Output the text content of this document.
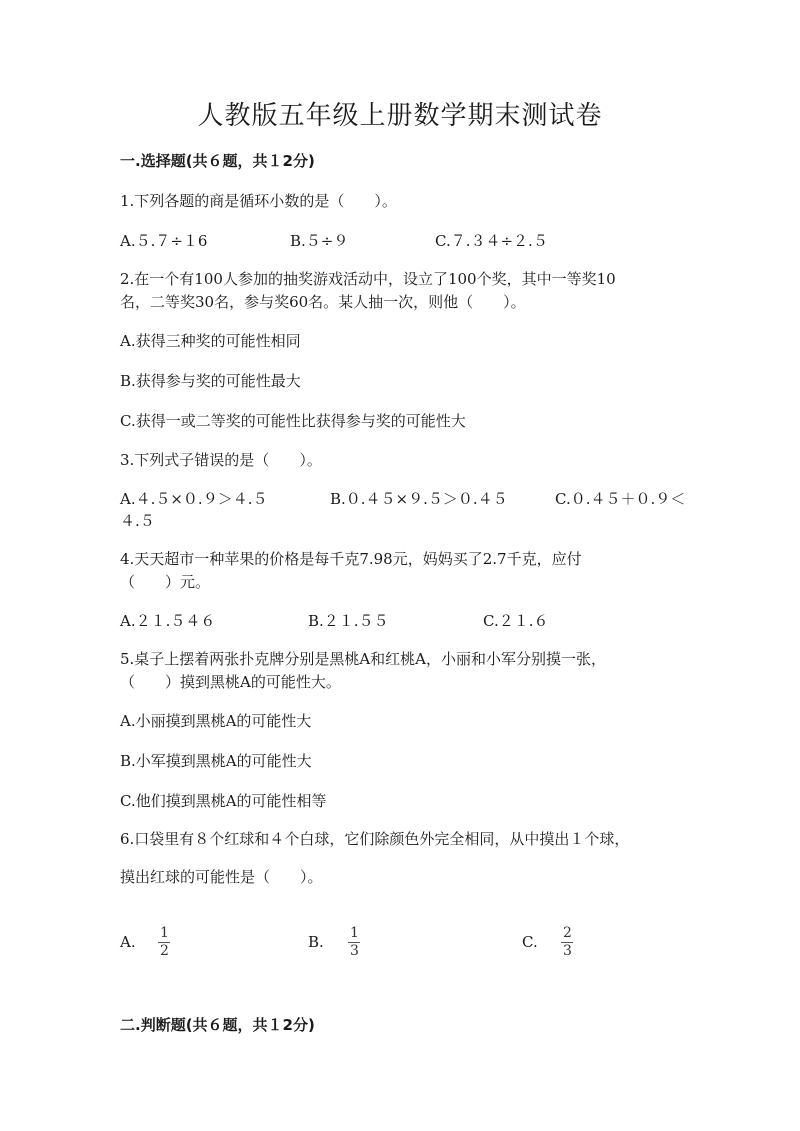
人教版五年级上册数学期末测试卷
一.选择题(共６题，共１2分)
1.下列各题的商是循环小数的是（　　）。
A.５.７÷１6	B.５÷９	C.７.３４÷２.５
2.在一个有100人参加的抽奖游戏活动中，设立了100个奖，其中一等奖10
名，二等奖30名，参与奖60名。某人抽一次，则他（　　）。
A.获得三种奖的可能性相同
B.获得参与奖的可能性最大
C.获得一或二等奖的可能性比获得参与奖的可能性大
3.下列式子错误的是（　　）。
A.４.５×０.９＞４.５	B.０.４５×９.５＞０.４５	C.０.４５＋０.９＜
４.５
4.天天超市一种苹果的价格是每千克7.98元，妈妈买了2.7千克，应付
（　　）元。
A.２１.５４６	B.２１.５５	C.２１.６
5.桌子上摆着两张扑克牌分别是黑桃A和红桃A，小丽和小军分别摸一张，
（　　）摸到黑桃A的可能性大。
A.小丽摸到黑桃A的可能性大
B.小军摸到黑桃A的可能性大
C.他们摸到黑桃A的可能性相等
6.口袋里有８个红球和４个白球，它们除颜色外完全相同，从中摸出１个球，
摸出红球的可能性是（　　）。
A. 1
2
B. 1
3
C. 2
3
二.判断题(共６题，共１2分)
